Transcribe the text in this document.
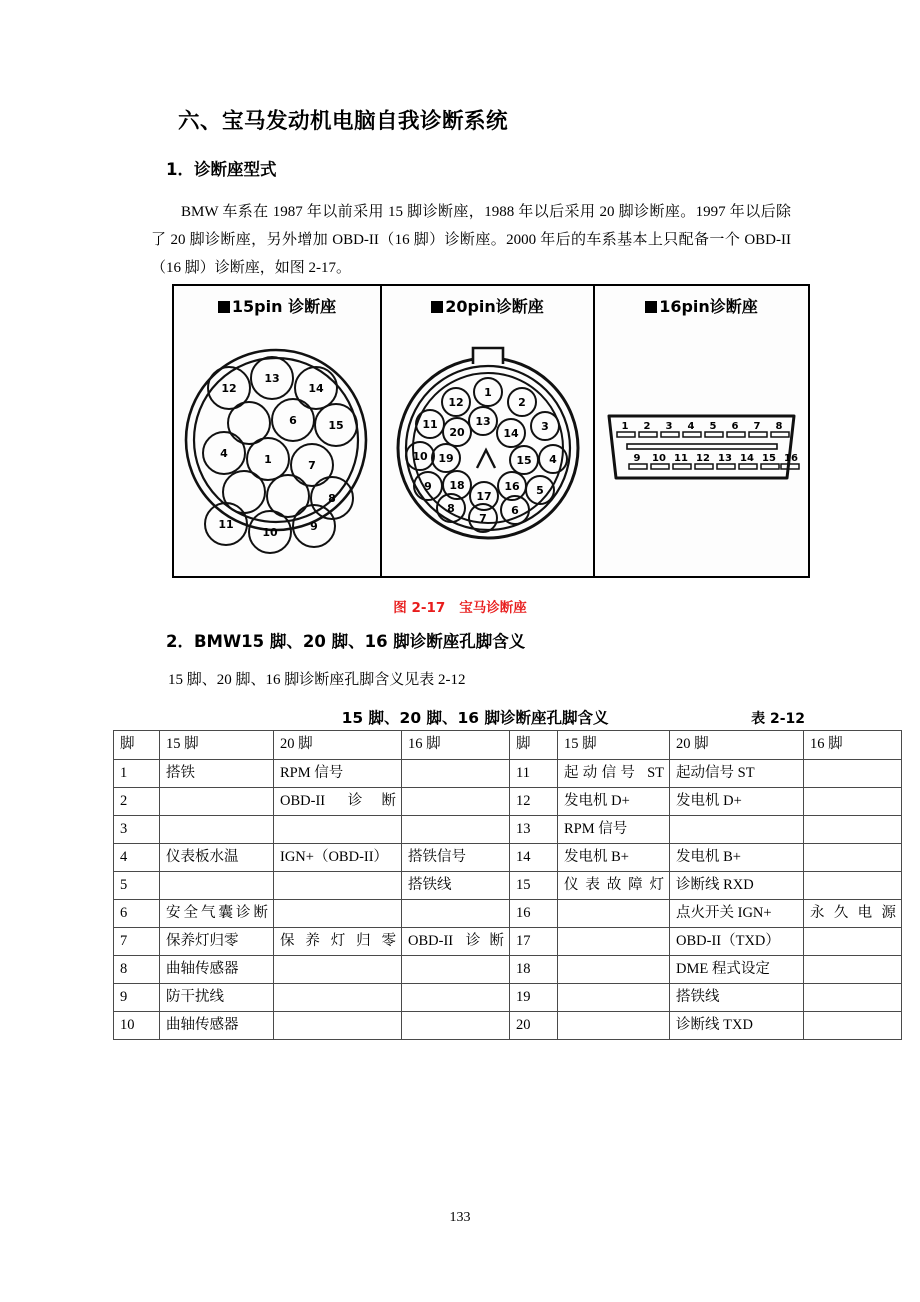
六、宝马发动机电脑自我诊断系统
1．诊断座型式
BMW 车系在 1987 年以前采用 15 脚诊断座，1988 年以后采用 20 脚诊断座。1997 年以后除了 20 脚诊断座，另外增加 OBD-II（16 脚）诊断座。2000 年后的车系基本上只配备一个 OBD-II（16 脚）诊断座，如图 2-17。
15pin 诊断座
12
13
14
6	15
4	1	7
8
11
10	9
20pin诊断座
1
2
3
4
5
6
7
8
9
10
11
12
13
14
15
16
17
18
19
20
16pin诊断座
1 2 3 4 5 6 7 8
9 10 11 12 13 14 15 16
图 2-17 宝马诊断座
2．BMW15 脚、20 脚、16 脚诊断座孔脚含义
15 脚、20 脚、16 脚诊断座孔脚含义见表 2-12
15 脚、20 脚、16 脚诊断座孔脚含义	表 2-12
脚	15 脚	20 脚	16 脚	脚	15 脚	20 脚	16 脚
1	搭铁	RPM 信号		11	起动信号 ST	起动信号 ST	
2		OBD-II 诊断		12	发电机 D+	发电机 D+	
3				13	RPM 信号		
4	仪表板水温	IGN+（OBD-II）	搭铁信号	14	发电机 B+	发电机 B+	
5			搭铁线	15	仪表故障灯	诊断线 RXD	
6	安全气囊诊断			16		点火开关 IGN+	永久电源
7	保养灯归零	保养灯归零	OBD-II 诊断	17		OBD-II（TXD）	
8	曲轴传感器			18		DME 程式设定	
9	防干扰线			19		搭铁线	
10	曲轴传感器			20		诊断线 TXD	
133
